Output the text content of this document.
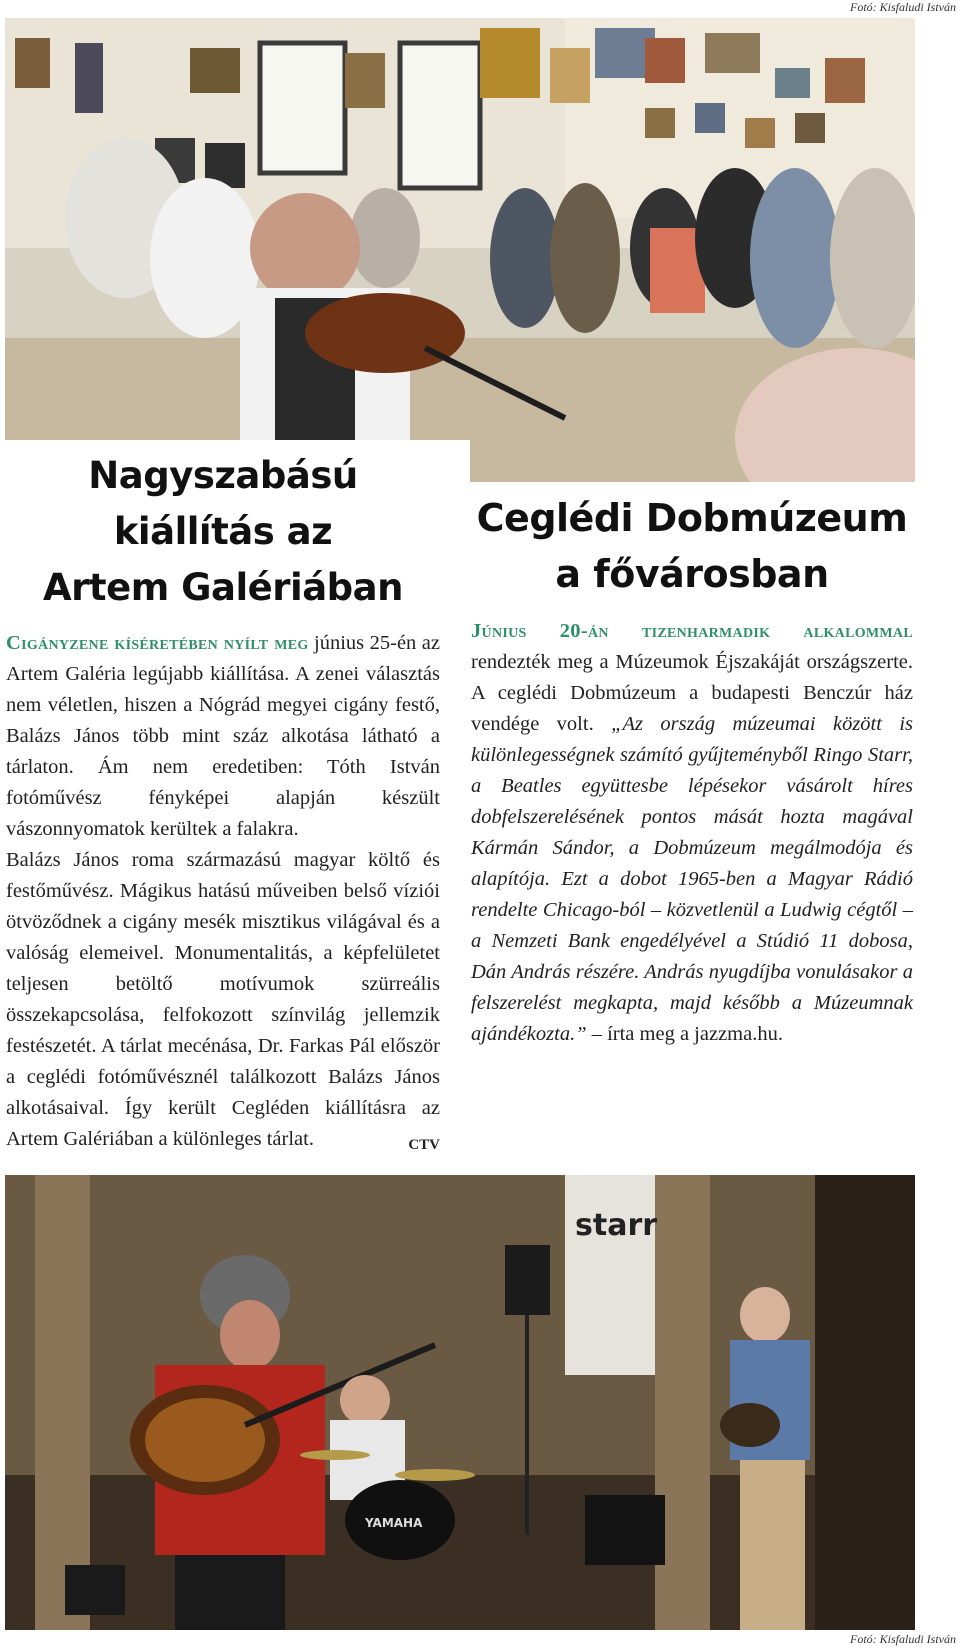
Fotó: Kisfaludi István
Nagyszabású kiállítás az
Artem Galériában

Cigányzene kíséretében nyílt meg június 25-én az Artem Galéria legújabb kiállítása. A zenei választás nem véletlen, hiszen a Nógrád megyei cigány festő, Balázs János több mint száz alkotása látható a tárlaton. Ám nem eredetiben: Tóth István fotóművész fényképei alapján készült vászonnyomatok kerültek a falakra.

Balázs János roma származású magyar költő és festőművész. Mágikus hatású műveiben belső víziói ötvöződnek a cigány mesék misztikus világával és a valóság elemeivel. Monumentalitás, a képfelületet teljesen betöltő motívumok szürreális összekapcsolása, felfokozott színvilág jellemzik festészetét. A tárlat mecénása, Dr. Farkas Pál először a ceglédi fotóművésznél találkozott Balázs János alkotásaival. Így került Cegléden kiállításra az Artem Galériában a különleges tárlat.	CTV

Ceglédi Dobmúzeum
a fővárosban

Június 20-án tizenharmadik alkalommal rendezték meg a Múzeumok Éjszakáját országszerte. A ceglédi Dobmúzeum a budapesti Benczúr ház vendége volt. „Az ország múzeumai között is különlegességnek számító gyűjteményből Ringo Starr, a Beatles együttesbe lépésekor vásárolt híres dobfelszerelésének pontos mását hozta magával Kármán Sándor, a Dobmúzeum megálmodója és alapítója. Ezt a dobot 1965-ben a Magyar Rádió rendelte Chicago-ból – közvetlenül a Ludwig cégtől – a Nemzeti Bank engedélyével a Stúdió 11 dobosa, Dán András részére. András nyugdíjba vonulásakor a felszerelést megkapta, majd később a Múzeumnak ajándékozta.” – írta meg a jazzma.hu.

starr
YAMAHA
Fotó: Kisfaludi István
